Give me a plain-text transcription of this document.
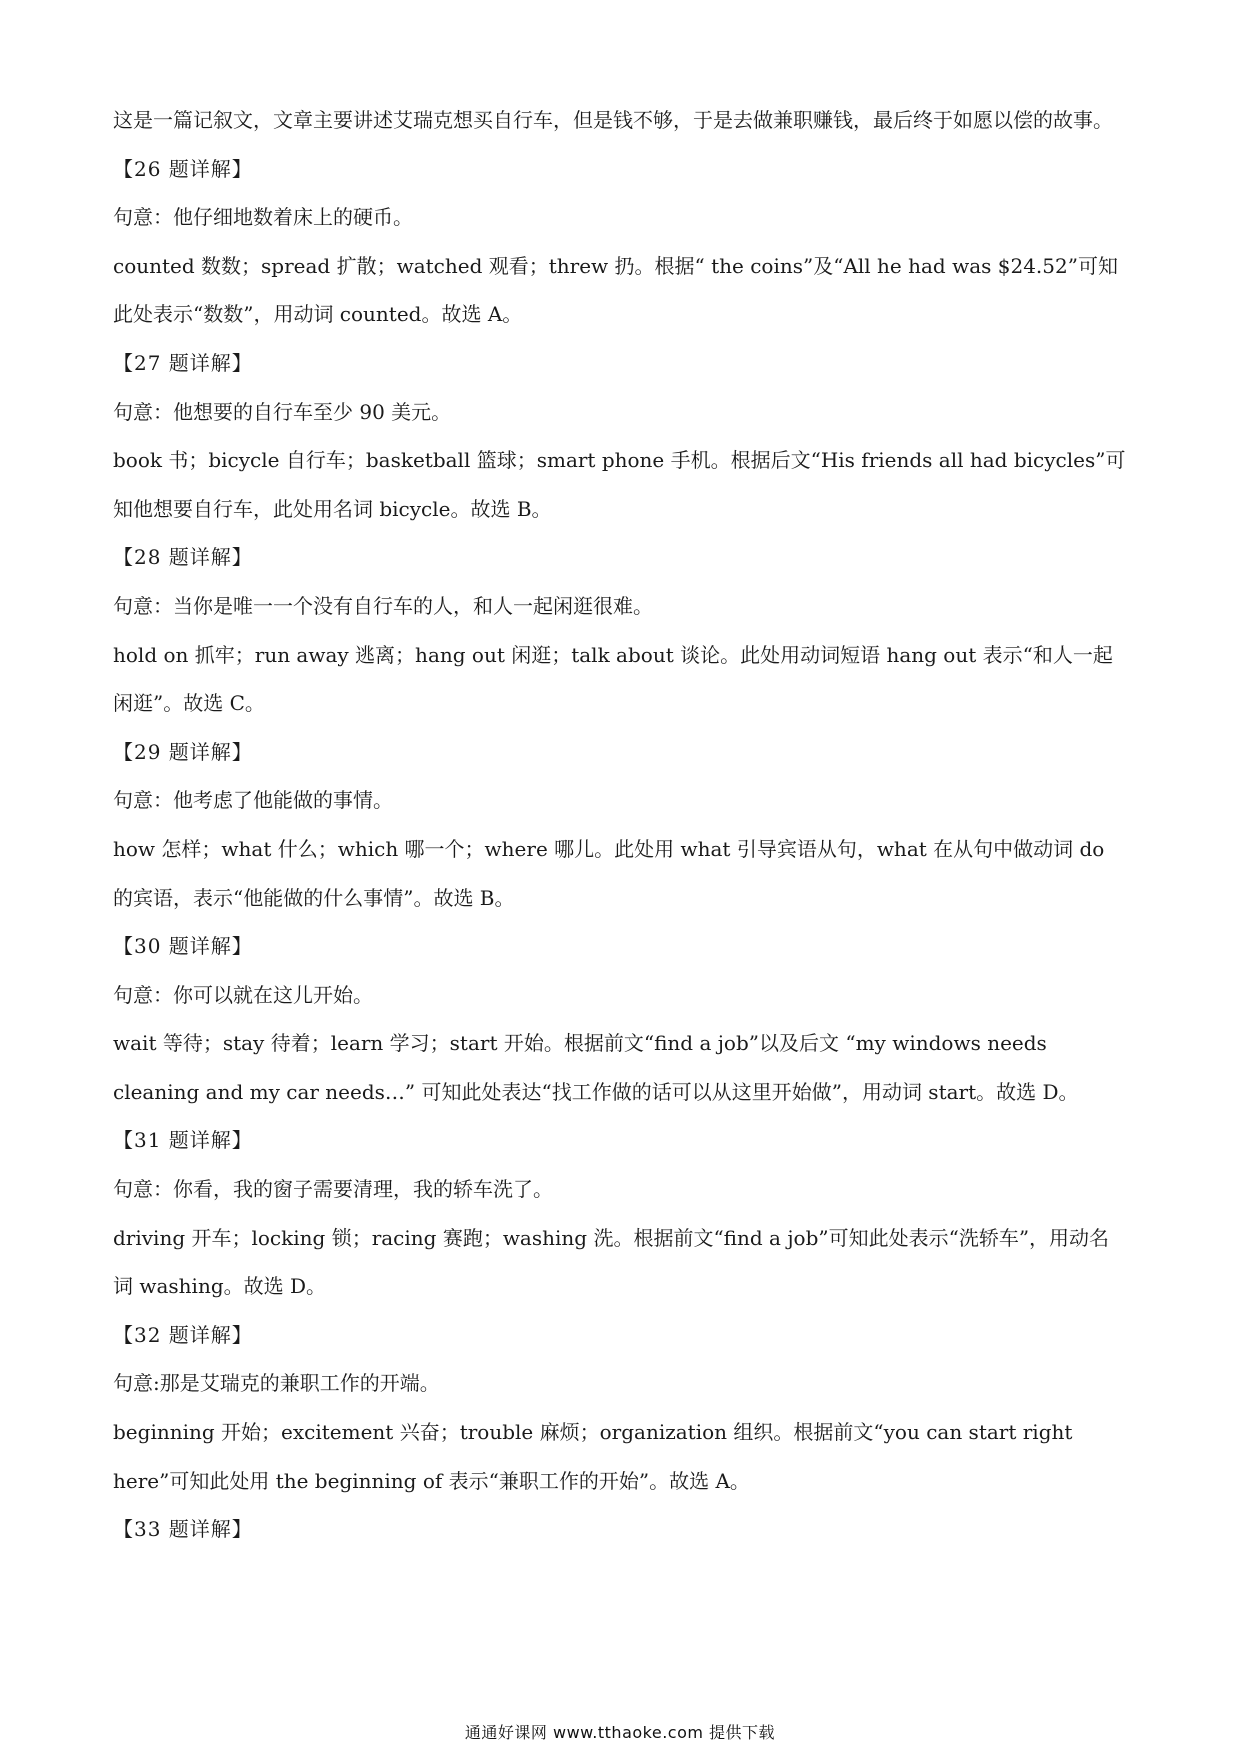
这是一篇记叙文，文章主要讲述艾瑞克想买自行车，但是钱不够，于是去做兼职赚钱，最后终于如愿以偿的故事。

【26 题详解】

句意：他仔细地数着床上的硬币。

counted 数数；spread 扩散；watched 观看；threw 扔。根据“ the coins”及“All he had was $24.52”可知此处表示“数数”，用动词 counted。故选 A。

【27 题详解】

句意：他想要的自行车至少 90 美元。

book 书；bicycle 自行车；basketball 篮球；smart phone 手机。根据后文“His friends all had bicycles”可知他想要自行车，此处用名词 bicycle。故选 B。

【28 题详解】

句意：当你是唯一一个没有自行车的人，和人一起闲逛很难。

hold on 抓牢；run away 逃离；hang out 闲逛；talk about 谈论。此处用动词短语 hang out 表示“和人一起闲逛”。故选 C。

【29 题详解】

句意：他考虑了他能做的事情。

how 怎样；what 什么；which 哪一个；where 哪儿。此处用 what 引导宾语从句，what 在从句中做动词 do 的宾语，表示“他能做的什么事情”。故选 B。

【30 题详解】

句意：你可以就在这儿开始。

wait 等待；stay 待着；learn 学习；start 开始。根据前文“find a job”以及后文 “my windows needs cleaning and my car needs…” 可知此处表达“找工作做的话可以从这里开始做”，用动词 start。故选 D。

【31 题详解】

句意：你看，我的窗子需要清理，我的轿车洗了。

driving 开车；locking 锁；racing 赛跑；washing 洗。根据前文“find a job”可知此处表示“洗轿车”，用动名词 washing。故选 D。

【32 题详解】

句意:那是艾瑞克的兼职工作的开端。

beginning 开始；excitement 兴奋；trouble 麻烦；organization 组织。根据前文“you can start right here”可知此处用 the beginning of 表示“兼职工作的开始”。故选 A。

【33 题详解】

通通好课网 www.tthaoke.com 提供下载
